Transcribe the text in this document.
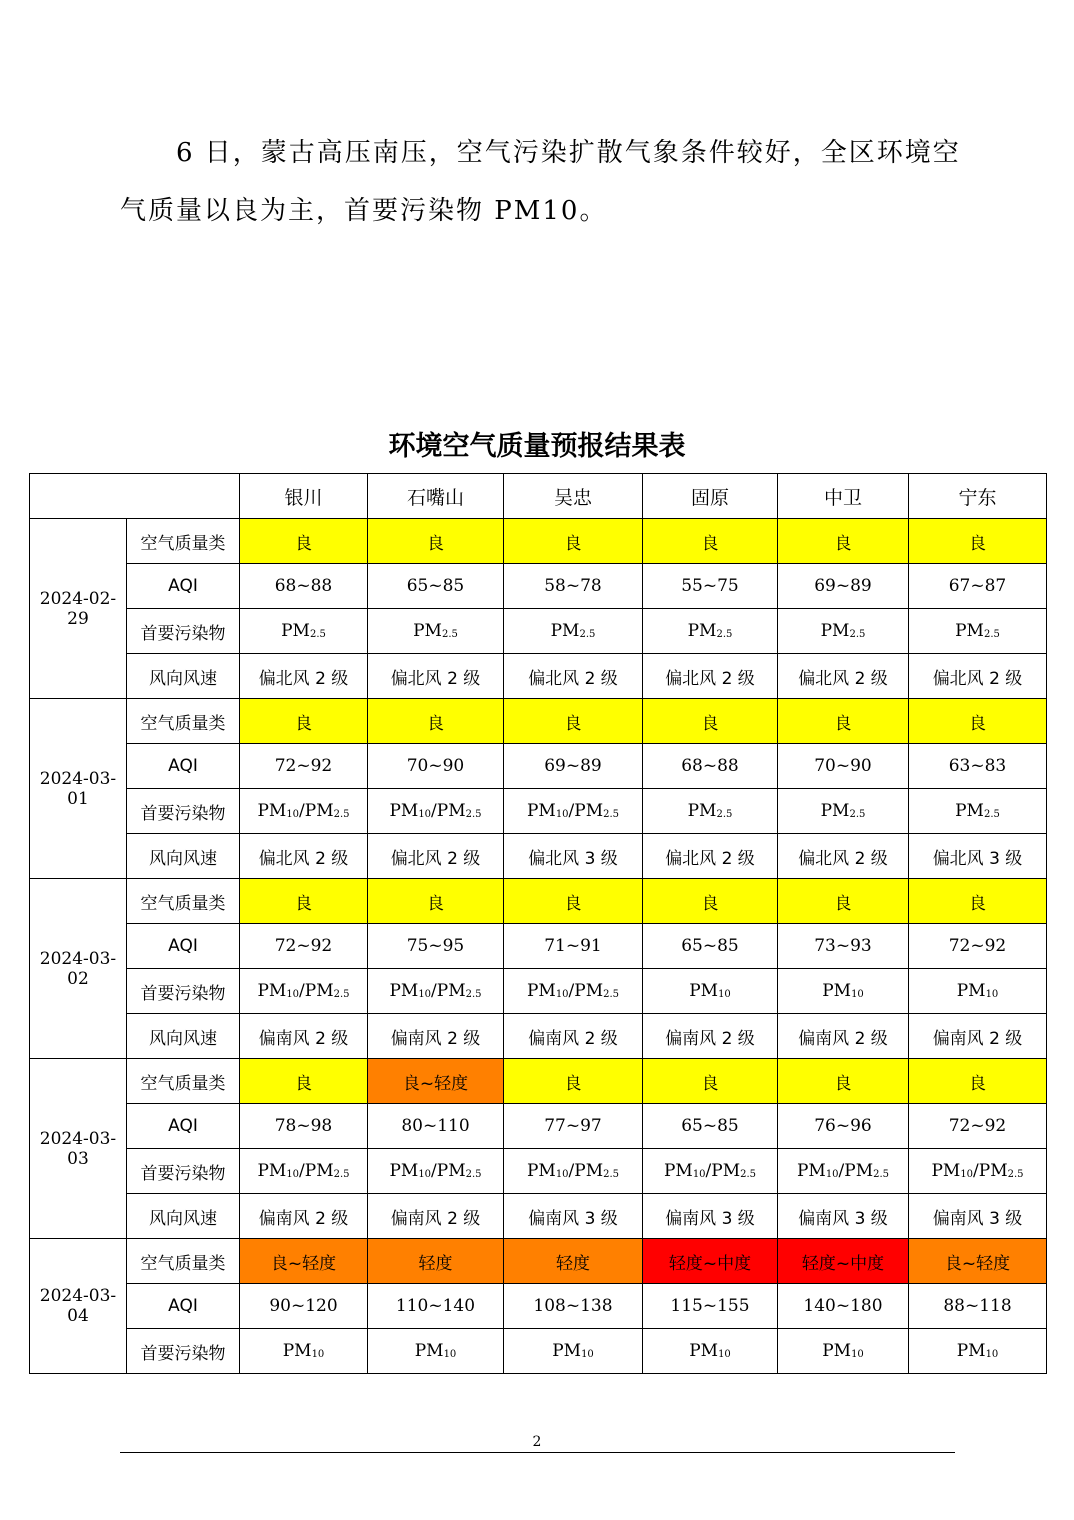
6 日，蒙古高压南压，空气污染扩散气象条件较好，全区环境空
气质量以良为主，首要污染物 PM10。
环境空气质量预报结果表
		银川	石嘴山	吴忠	固原	中卫	宁东
2024-02-29	空气质量类	良	良	良	良	良	良
	AQI	68~88	65~85	58~78	55~75	69~89	67~87
	首要污染物	$PM_{2.5}$	$PM_{2.5}$	$PM_{2.5}$	$PM_{2.5}$	$PM_{2.5}$	$PM_{2.5}$
	风向风速	偏北风 2 级	偏北风 2 级	偏北风 2 级	偏北风 2 级	偏北风 2 级	偏北风 2 级
2024-03-01	空气质量类	良	良	良	良	良	良
	AQI	72~92	70~90	69~89	68~88	70~90	63~83
	首要污染物	$PM_{10}/PM_{2.5}$	$PM_{10}/PM_{2.5}$	$PM_{10}/PM_{2.5}$	$PM_{2.5}$	$PM_{2.5}$	$PM_{2.5}$
	风向风速	偏北风 2 级	偏北风 2 级	偏北风 3 级	偏北风 2 级	偏北风 2 级	偏北风 3 级
2024-03-02	空气质量类	良	良	良	良	良	良
	AQI	72~92	75~95	71~91	65~85	73~93	72~92
	首要污染物	$PM_{10}/PM_{2.5}$	$PM_{10}/PM_{2.5}$	$PM_{10}/PM_{2.5}$	$PM_{10}$	$PM_{10}$	$PM_{10}$
	风向风速	偏南风 2 级	偏南风 2 级	偏南风 2 级	偏南风 2 级	偏南风 2 级	偏南风 2 级
2024-03-03	空气质量类	良	良~轻度	良	良	良	良
	AQI	78~98	80~110	77~97	65~85	76~96	72~92
	首要污染物	$PM_{10}/PM_{2.5}$	$PM_{10}/PM_{2.5}$	$PM_{10}/PM_{2.5}$	$PM_{10}/PM_{2.5}$	$PM_{10}/PM_{2.5}$	$PM_{10}/PM_{2.5}$
	风向风速	偏南风 2 级	偏南风 2 级	偏南风 3 级	偏南风 3 级	偏南风 3 级	偏南风 3 级
2024-03-04	空气质量类	良~轻度	轻度	轻度	轻度~中度	轻度~中度	良~轻度
	AQI	90~120	110~140	108~138	115~155	140~180	88~118
	首要污染物	$PM_{10}$	$PM_{10}$	$PM_{10}$	$PM_{10}$	$PM_{10}$	$PM_{10}$
2
